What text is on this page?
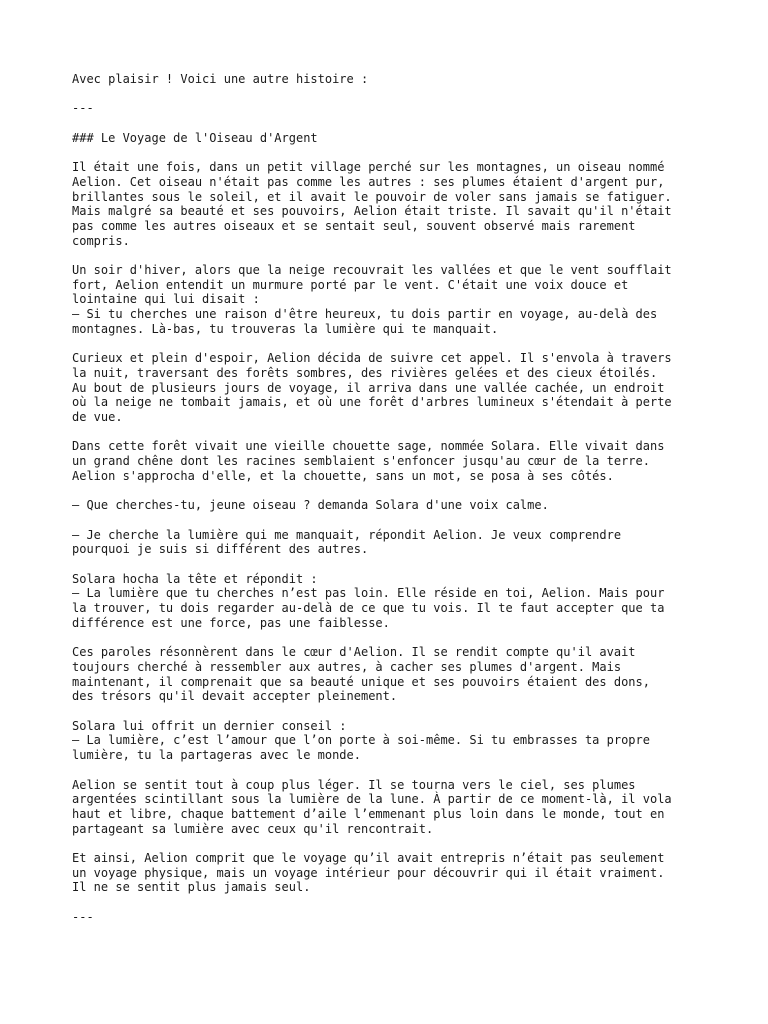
Avec plaisir ! Voici une autre histoire :
---
### Le Voyage de l'Oiseau d'Argent
Il était une fois, dans un petit village perché sur les montagnes, un oiseau nommé
Aelion. Cet oiseau n'était pas comme les autres : ses plumes étaient d'argent pur,
brillantes sous le soleil, et il avait le pouvoir de voler sans jamais se fatiguer.
Mais malgré sa beauté et ses pouvoirs, Aelion était triste. Il savait qu'il n'était
pas comme les autres oiseaux et se sentait seul, souvent observé mais rarement
compris.
Un soir d'hiver, alors que la neige recouvrait les vallées et que le vent soufflait
fort, Aelion entendit un murmure porté par le vent. C'était une voix douce et
lointaine qui lui disait :
– Si tu cherches une raison d'être heureux, tu dois partir en voyage, au-delà des
montagnes. Là-bas, tu trouveras la lumière qui te manquait.
Curieux et plein d'espoir, Aelion décida de suivre cet appel. Il s'envola à travers
la nuit, traversant des forêts sombres, des rivières gelées et des cieux étoilés.
Au bout de plusieurs jours de voyage, il arriva dans une vallée cachée, un endroit
où la neige ne tombait jamais, et où une forêt d'arbres lumineux s'étendait à perte
de vue.
Dans cette forêt vivait une vieille chouette sage, nommée Solara. Elle vivait dans
un grand chêne dont les racines semblaient s'enfoncer jusqu'au cœur de la terre.
Aelion s'approcha d'elle, et la chouette, sans un mot, se posa à ses côtés.
– Que cherches-tu, jeune oiseau ? demanda Solara d'une voix calme.
– Je cherche la lumière qui me manquait, répondit Aelion. Je veux comprendre
pourquoi je suis si différent des autres.
Solara hocha la tête et répondit :
– La lumière que tu cherches n’est pas loin. Elle réside en toi, Aelion. Mais pour
la trouver, tu dois regarder au-delà de ce que tu vois. Il te faut accepter que ta
différence est une force, pas une faiblesse.
Ces paroles résonnèrent dans le cœur d'Aelion. Il se rendit compte qu'il avait
toujours cherché à ressembler aux autres, à cacher ses plumes d'argent. Mais
maintenant, il comprenait que sa beauté unique et ses pouvoirs étaient des dons,
des trésors qu'il devait accepter pleinement.
Solara lui offrit un dernier conseil :
– La lumière, c’est l’amour que l’on porte à soi-même. Si tu embrasses ta propre
lumière, tu la partageras avec le monde.
Aelion se sentit tout à coup plus léger. Il se tourna vers le ciel, ses plumes
argentées scintillant sous la lumière de la lune. À partir de ce moment-là, il vola
haut et libre, chaque battement d’aile l’emmenant plus loin dans le monde, tout en
partageant sa lumière avec ceux qu'il rencontrait.
Et ainsi, Aelion comprit que le voyage qu’il avait entrepris n’était pas seulement
un voyage physique, mais un voyage intérieur pour découvrir qui il était vraiment.
Il ne se sentit plus jamais seul.
---
